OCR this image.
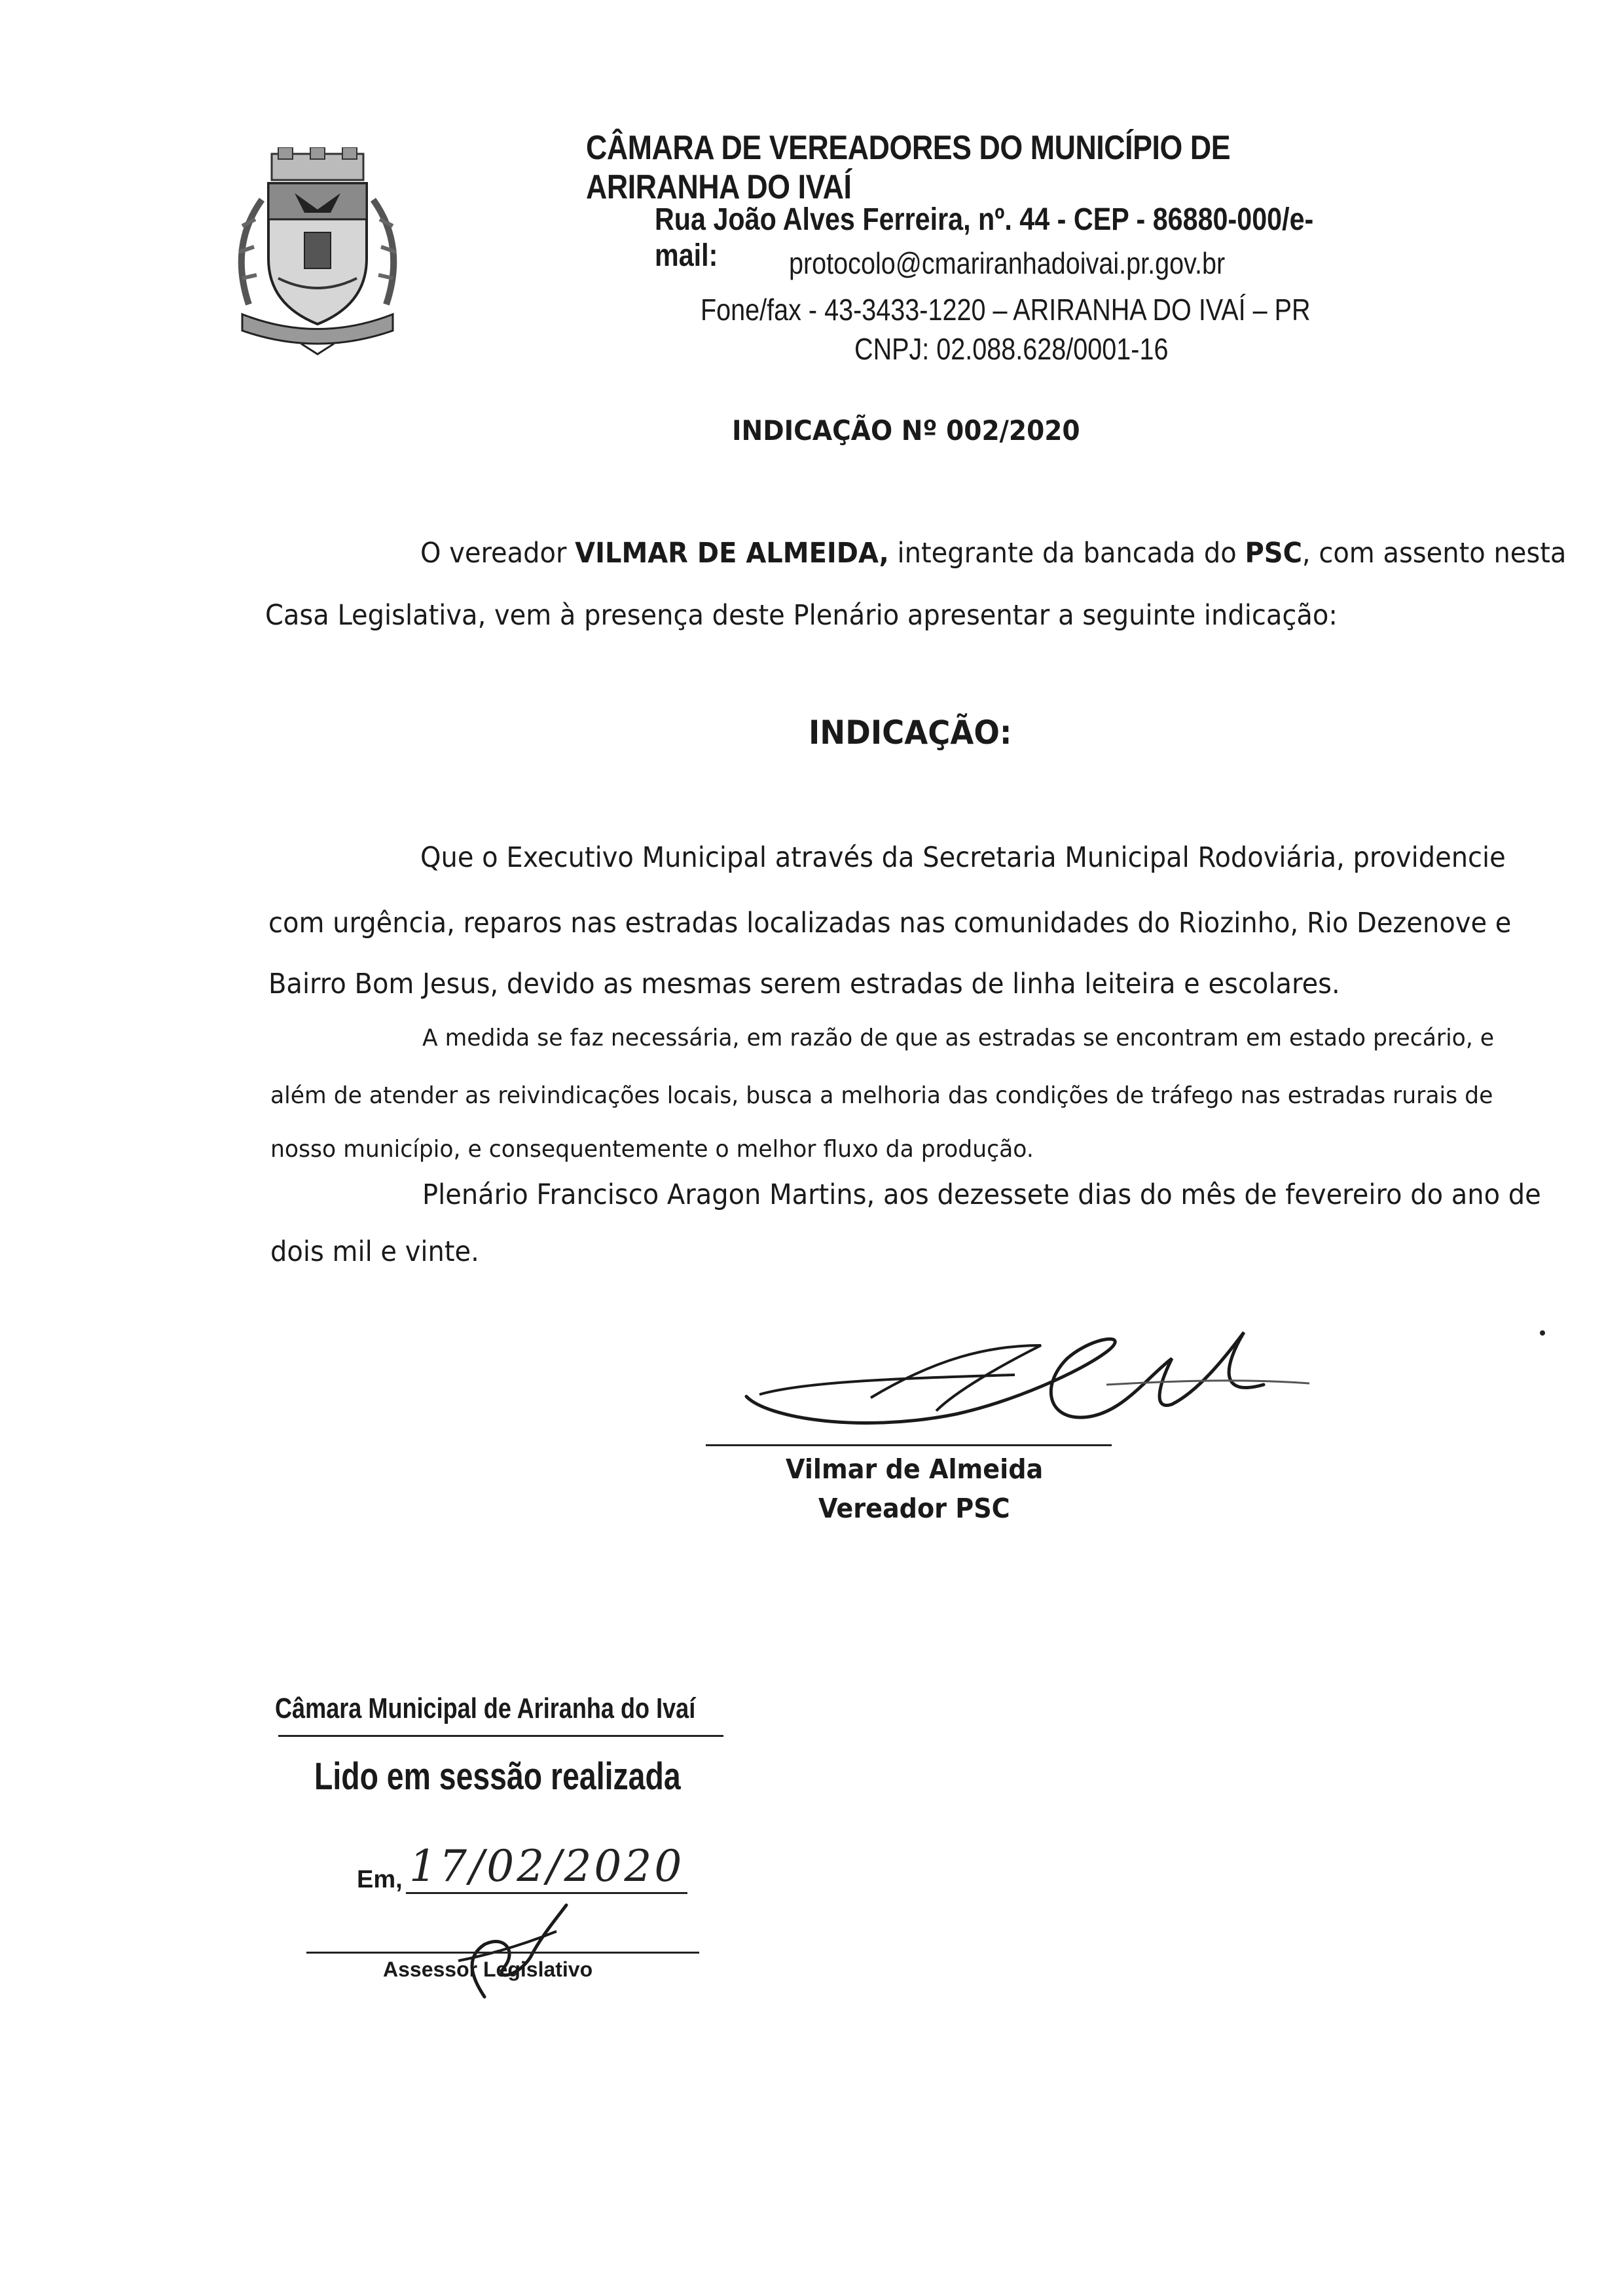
CÂMARA DE VEREADORES DO MUNICÍPIO DE ARIRANHA DO IVAÍ
Rua João Alves Ferreira, nº. 44 - CEP - 86880-000/e-mail:	protocolo@cmariranhadoivai.pr.gov.br
Fone/fax - 43-3433-1220 – ARIRANHA DO IVAÍ – PR
CNPJ: 02.088.628/0001-16
INDICAÇÃO Nº 002/2020
O vereador VILMAR DE ALMEIDA, integrante da bancada do PSC, com assento nesta
Casa Legislativa, vem à presença deste Plenário apresentar a seguinte indicação:
INDICAÇÃO:
Que o Executivo Municipal através da Secretaria Municipal Rodoviária, providencie
com urgência, reparos nas estradas localizadas nas comunidades do Riozinho, Rio Dezenove e
Bairro Bom Jesus, devido as mesmas serem estradas de linha leiteira e escolares.
A medida se faz necessária, em razão de que as estradas se encontram em estado precário, e
além de atender as reivindicações locais, busca a melhoria das condições de tráfego nas estradas rurais de
nosso município, e consequentemente o melhor fluxo da produção.
Plenário Francisco Aragon Martins, aos dezessete dias do mês de fevereiro do ano de
dois mil e vinte.
Vilmar de Almeida
Vereador PSC
Câmara Municipal de Ariranha do Ivaí
Lido em sessão realizada
Em, 17/02/2020
Assessor Legislativo
